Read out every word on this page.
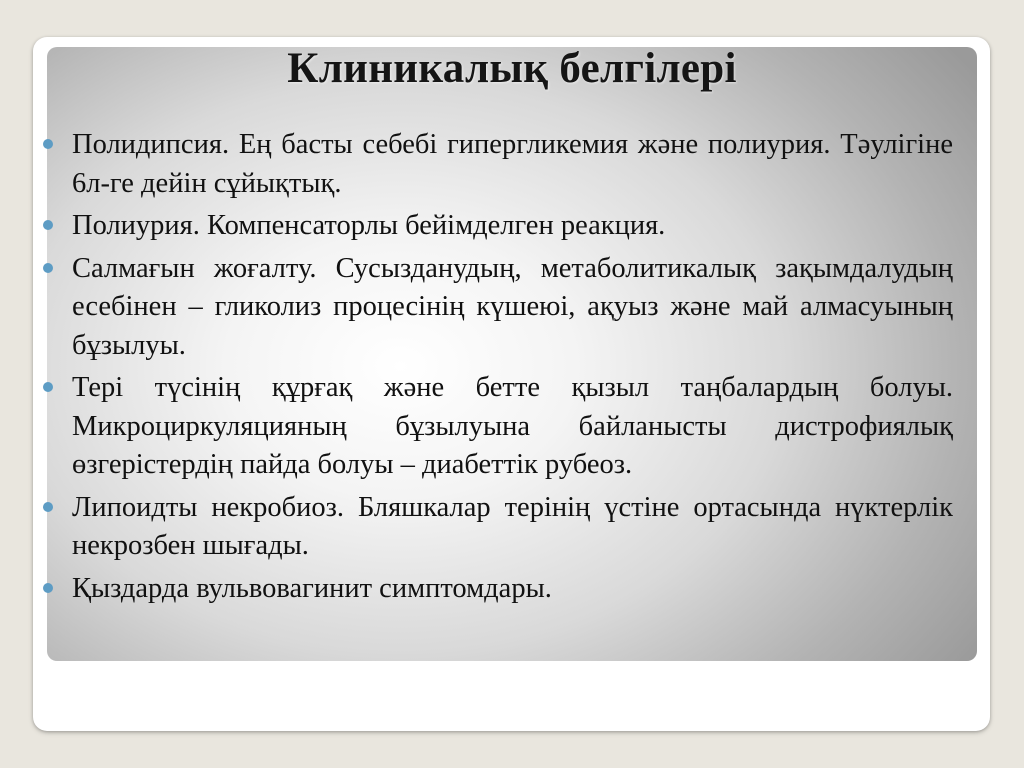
Клиникалық белгілері
Полидипсия. Ең басты себебі гипергликемия және полиурия. Тәулігіне 6л-ге дейін сұйықтық.
Полиурия. Компенсаторлы бейімделген реакция.
Салмағын жоғалту. Сусызданудың, метаболитикалық зақымдалудың есебінен – гликолиз процесінің күшеюі, ақуыз және май алмасуының бұзылуы.
Тері түсінің құрғақ және бетте қызыл таңбалардың болуы. Микроциркуляцияның бұзылуына байланысты дистрофиялық өзгерістердің пайда болуы – диабеттік рубеоз.
Липоидты некробиоз. Бляшкалар терінің үстіне ортасында нүктерлік некрозбен шығады.
Қыздарда вульвовагинит симптомдары.
